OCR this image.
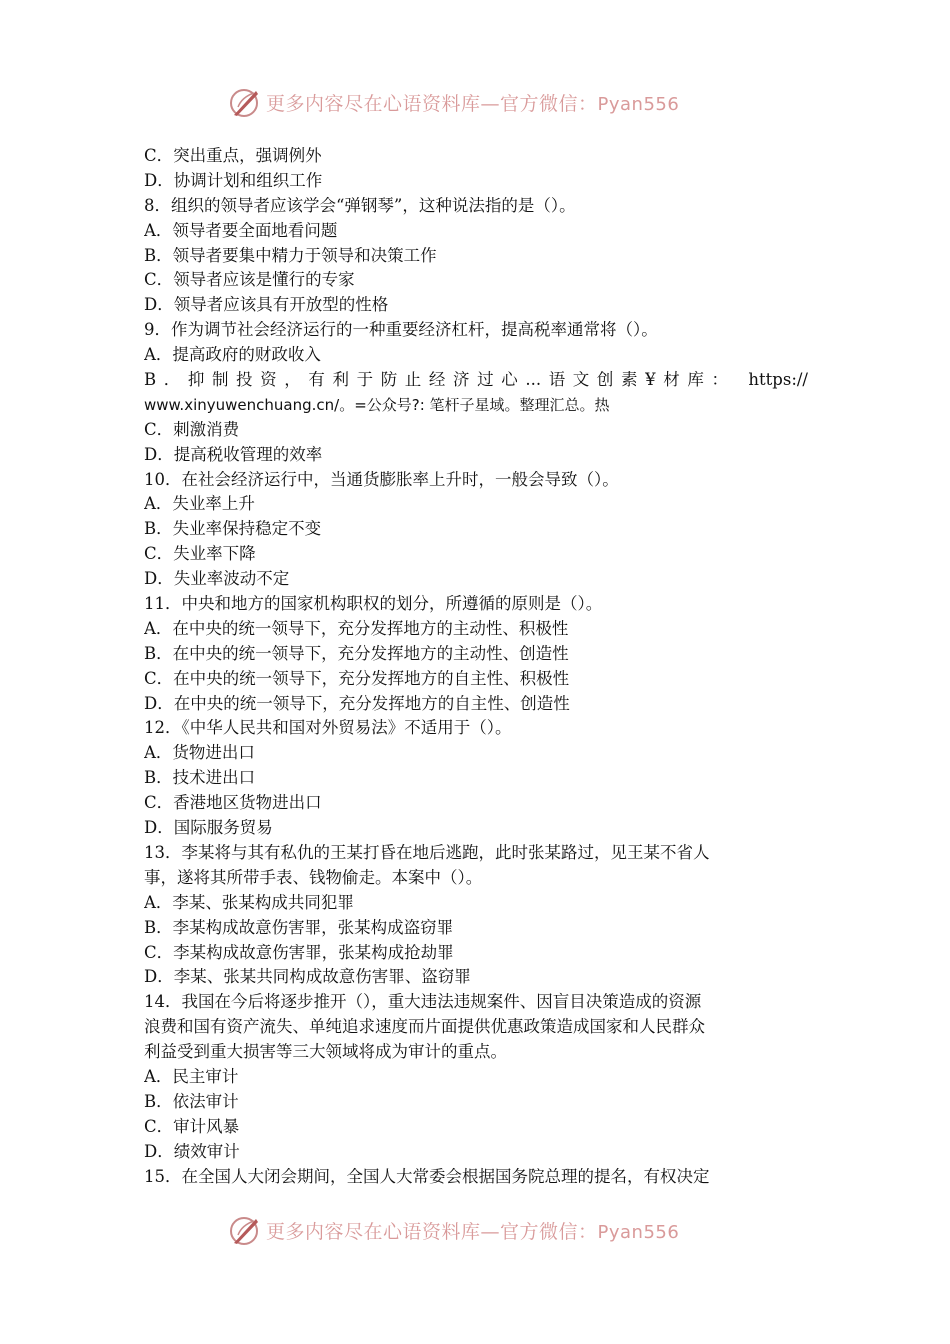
更多内容尽在心语资料库—官方微信：Pyan556
C．突出重点，强调例外
D．协调计划和组织工作
8．组织的领导者应该学会“弹钢琴”，这种说法指的是（）。
A．领导者要全面地看问题
B．领导者要集中精力于领导和决策工作
C．领导者应该是懂行的专家
D．领导者应该具有开放型的性格
9．作为调节社会经济运行的一种重要经济杠杆，提高税率通常将（）。
A．提高政府的财政收入
B．抑制投资，有利于防止经济过心...语文创素¥材库： https://
www.xinyuwenchuang.cn/。=公众号?: 笔杆子星域。整理汇总。热
C．刺激消费
D．提高税收管理的效率
10．在社会经济运行中，当通货膨胀率上升时，一般会导致（）。
A．失业率上升
B．失业率保持稳定不变
C．失业率下降
D．失业率波动不定
11．中央和地方的国家机构职权的划分，所遵循的原则是（）。
A．在中央的统一领导下，充分发挥地方的主动性、积极性
B．在中央的统一领导下，充分发挥地方的主动性、创造性
C．在中央的统一领导下，充分发挥地方的自主性、积极性
D．在中央的统一领导下，充分发挥地方的自主性、创造性
12．《中华人民共和国对外贸易法》不适用于（）。
A．货物进出口
B．技术进出口
C．香港地区货物进出口
D．国际服务贸易
13．李某将与其有私仇的王某打昏在地后逃跑，此时张某路过，见王某不省人
事，遂将其所带手表、钱物偷走。本案中（）。
A．李某、张某构成共同犯罪
B．李某构成故意伤害罪，张某构成盗窃罪
C．李某构成故意伤害罪，张某构成抢劫罪
D．李某、张某共同构成故意伤害罪、盗窃罪
14．我国在今后将逐步推开（），重大违法违规案件、因盲目决策造成的资源
浪费和国有资产流失、单纯追求速度而片面提供优惠政策造成国家和人民群众
利益受到重大损害等三大领域将成为审计的重点。
A．民主审计
B．依法审计
C．审计风暴
D．绩效审计
15．在全国人大闭会期间，全国人大常委会根据国务院总理的提名，有权决定
更多内容尽在心语资料库—官方微信：Pyan556
